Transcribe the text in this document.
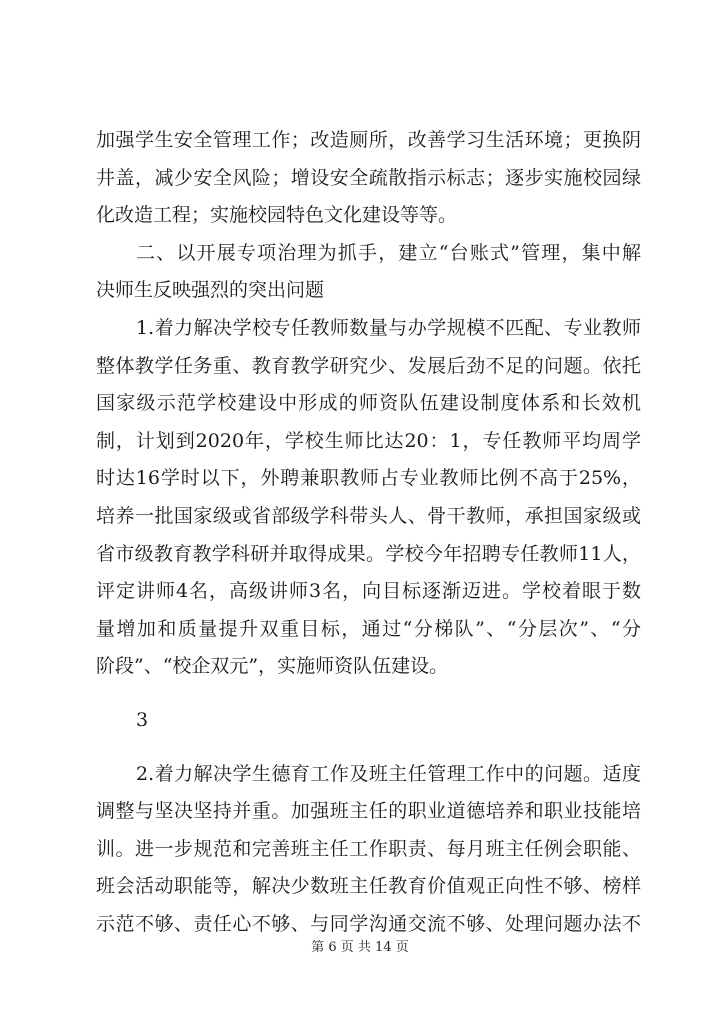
加强学生安全管理工作；改造厕所，改善学习生活环境；更换阴
井盖，减少安全风险；增设安全疏散指示标志；逐步实施校园绿
化改造工程；实施校园特色文化建设等等。
二、以开展专项治理为抓手，建立“台账式”管理，集中解
决师生反映强烈的突出问题
1.着力解决学校专任教师数量与办学规模不匹配、专业教师
整体教学任务重、教育教学研究少、发展后劲不足的问题。依托
国家级示范学校建设中形成的师资队伍建设制度体系和长效机
制，计划到2020年，学校生师比达20：1，专任教师平均周学
时达16学时以下，外聘兼职教师占专业教师比例不高于25%，
培养一批国家级或省部级学科带头人、骨干教师，承担国家级或
省市级教育教学科研并取得成果。学校今年招聘专任教师11人，
评定讲师4名，高级讲师3名，向目标逐渐迈进。学校着眼于数
量增加和质量提升双重目标，通过“分梯队”、“分层次”、“分
阶段”、“校企双元”，实施师资队伍建设。
3
2.着力解决学生德育工作及班主任管理工作中的问题。适度
调整与坚决坚持并重。加强班主任的职业道德培养和职业技能培
训。进一步规范和完善班主任工作职责、每月班主任例会职能、
班会活动职能等，解决少数班主任教育价值观正向性不够、榜样
示范不够、责任心不够、与同学沟通交流不够、处理问题办法不
第 6 页 共 14 页
